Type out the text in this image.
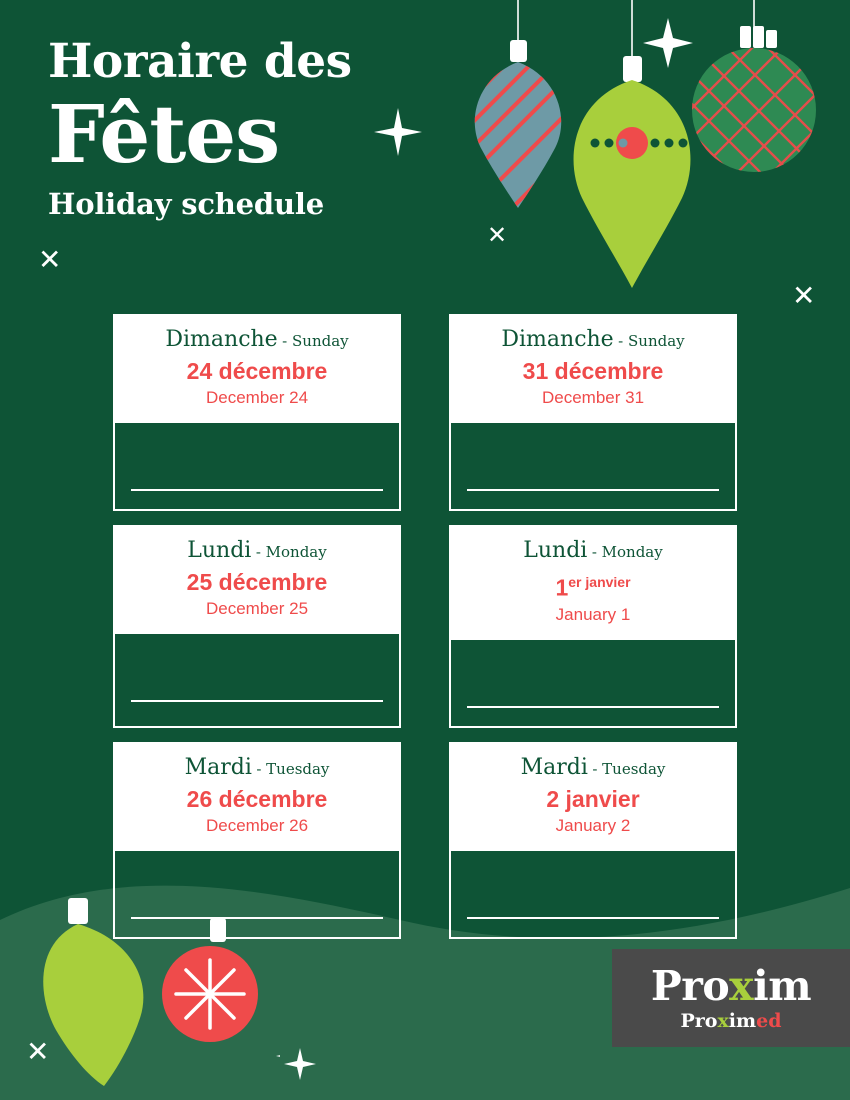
Horaire des
Fêtes
Holiday schedule
✕
✕
✕
✕
Dimanche - Sunday
24 décembre
December 24
Dimanche - Sunday
31 décembre
December 31
Lundi - Monday
25 décembre
December 25
Lundi - Monday
$1^{er janvier}$
January 1
Mardi - Tuesday
26 décembre
December 26
Mardi - Tuesday
2 janvier
January 2
Proxim
Proximed
